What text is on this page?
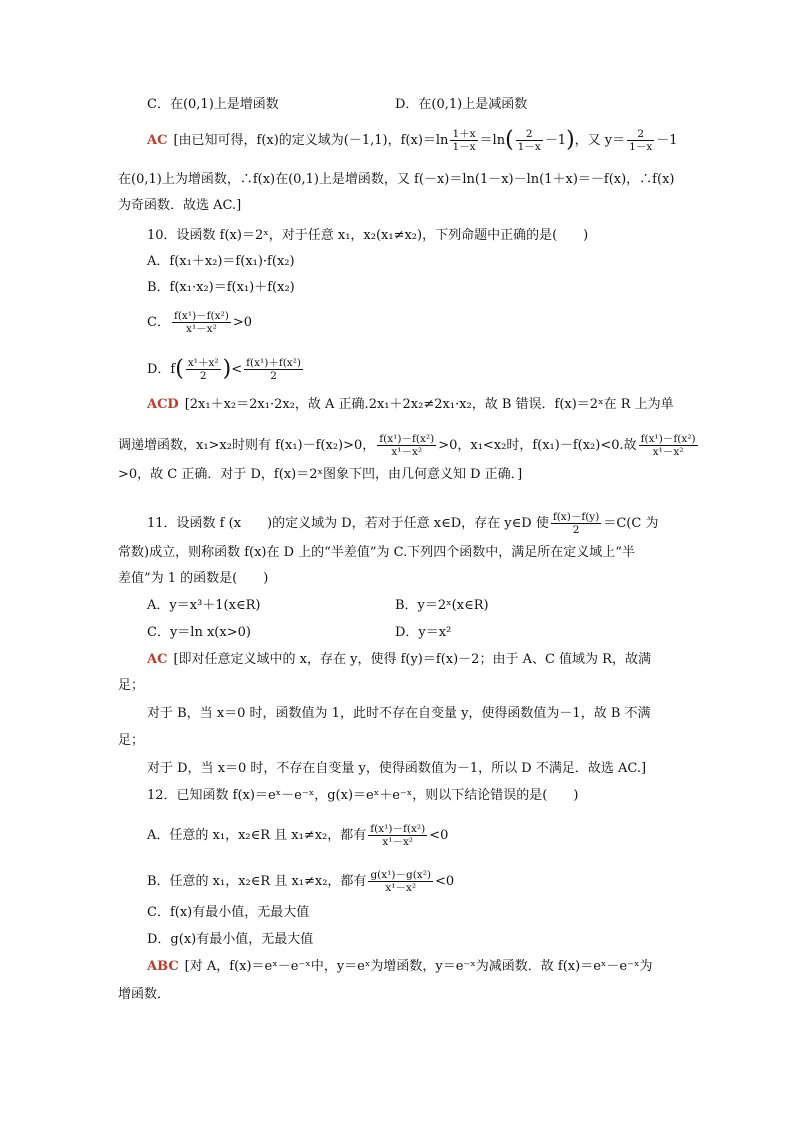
C．在(0,1)上是增函数	D．在(0,1)上是减函数
AC [由已知可得，f(x)的定义域为(－1,1)，$f(x)=\ln \frac{1+x}{1-x} =\ln( \frac{2}{1-x} -1)$，又 $y= \frac{2}{1-x} -1$
在(0,1)上为增函数，∴f(x)在(0,1)上是增函数，又 f(－x)＝ln(1－x)－ln(1＋x)＝－f(x)，∴f(x)
为奇函数．故选 AC.]
10．设函数 f(x)＝2ˣ，对于任意 x₁，x₂(x₁≠x₂)，下列命题中正确的是(　　)
A．f(x₁＋x₂)＝f(x₁)·f(x₂)
B．f(x₁·x₂)＝f(x₁)＋f(x₂)
C． $\frac{\text{f(x¹)－f(x²)}}{\text{x¹－x²}} >0$
D．$f( \frac{\text{x¹＋x²}}{2}$ )< $\frac{\text{f(x¹)＋f(x²)}}{2}$
ACD [2x₁＋x₂＝2x₁·2x₂，故 A 正确.2x₁＋2x₂≠2x₁·x₂，故 B 错误．f(x)＝2ˣ在 R 上为单
调递增函数，x₁>x₂时则有 f(x₁)－f(x₂)>0， $\frac{\text{f(x¹)－f(x²)}}{\text{x¹－x²}} >0$，x₁<x₂时，f(x₁)－f(x₂)<0.故 $\frac{\text{f(x¹)－f(x²)}}{\text{x¹－x²}}$
>0，故 C 正确．对于 D，f(x)＝2ˣ图象下凹，由几何意义知 D 正确．]
11．设函数 f (x　　)的定义域为 D，若对于任意 x∈D，存在 y∈D 使 $\frac{f(x)-f(y)}{2} =C(C$ 为
常数)成立，则称函数 f(x)在 D 上的“半差值”为 C.下列四个函数中，满足所在定义域上“半
差值”为 1 的函数是(　　)
A．y＝x³＋1(x∈R)	B．y＝2ˣ(x∈R)
C．y＝ln x(x>0)	D．y＝x²
AC [即对任意定义域中的 x，存在 y，使得 f(y)＝f(x)－2；由于 A、C 值域为 R，故满
足；
对于 B，当 x＝0 时，函数值为 1，此时不存在自变量 y，使得函数值为－1，故 B 不满
足；
对于 D，当 x＝0 时，不存在自变量 y，使得函数值为－1，所以 D 不满足．故选 AC.]
12．已知函数 f(x)＝eˣ－e⁻ˣ，g(x)＝eˣ＋e⁻ˣ，则以下结论错误的是(　　)
A．任意的 x₁，x₂∈R 且 x₁≠x₂，都有 $\frac{\text{f(x¹)－f(x²)}}{\text{x¹－x²}} <0$
B．任意的 x₁，x₂∈R 且 x₁≠x₂，都有 $\frac{\text{g(x¹)－g(x²)}}{\text{x¹－x²}} <0$
C．f(x)有最小值，无最大值
D．g(x)有最小值，无最大值
ABC [对 A，f(x)＝eˣ－e⁻ˣ中，y＝eˣ为增函数，y＝e⁻ˣ为减函数．故 f(x)＝eˣ－e⁻ˣ为
增函数．
